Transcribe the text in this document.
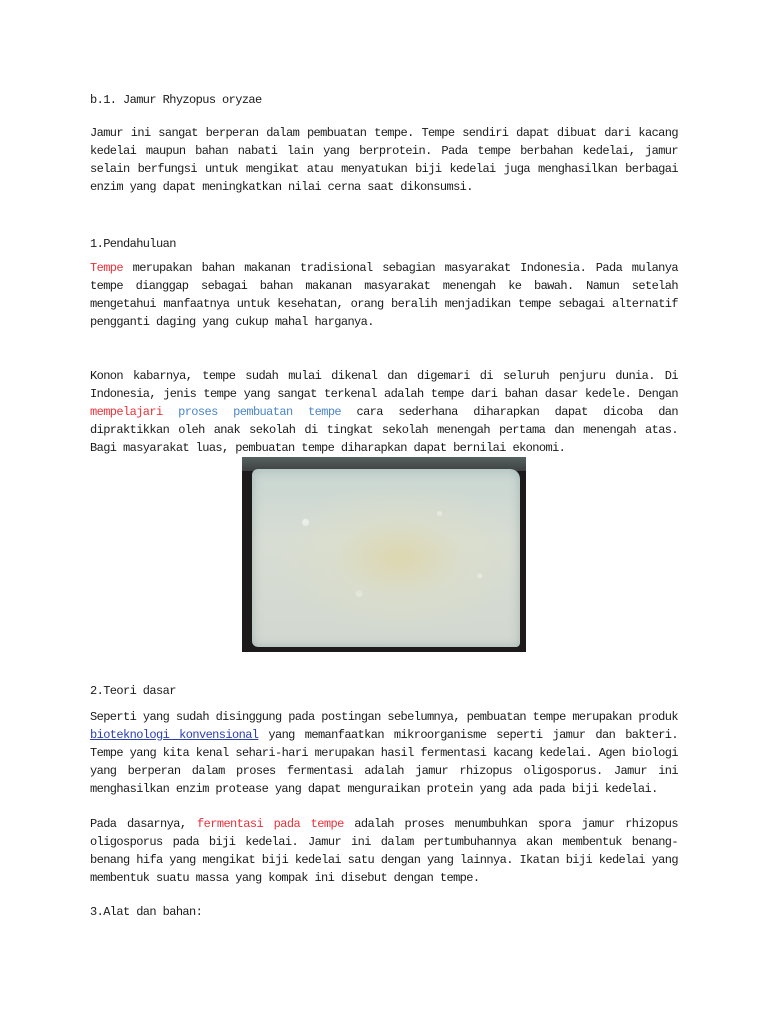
b.1. Jamur Rhyzopus oryzae
Jamur ini sangat berperan dalam pembuatan tempe. Tempe sendiri dapat dibuat dari kacang kedelai maupun bahan nabati lain yang berprotein. Pada tempe berbahan kedelai, jamur selain berfungsi untuk mengikat atau menyatukan biji kedelai juga menghasilkan berbagai enzim yang dapat meningkatkan nilai cerna saat dikonsumsi.
1.Pendahuluan
Tempe merupakan bahan makanan tradisional sebagian masyarakat Indonesia. Pada mulanya tempe dianggap sebagai bahan makanan masyarakat menengah ke bawah. Namun setelah mengetahui manfaatnya untuk kesehatan, orang beralih menjadikan tempe sebagai alternatif pengganti daging yang cukup mahal harganya.
Konon kabarnya, tempe sudah mulai dikenal dan digemari di seluruh penjuru dunia. Di Indonesia, jenis tempe yang sangat terkenal adalah tempe dari bahan dasar kedele. Dengan mempelajari proses pembuatan tempe cara sederhana diharapkan dapat dicoba dan dipraktikkan oleh anak sekolah di tingkat sekolah menengah pertama dan menengah atas. Bagi masyarakat luas, pembuatan tempe diharapkan dapat bernilai ekonomi.
2.Teori dasar
Seperti yang sudah disinggung pada postingan sebelumnya, pembuatan tempe merupakan produk bioteknologi konvensional yang memanfaatkan mikroorganisme seperti jamur dan bakteri. Tempe yang kita kenal sehari-hari merupakan hasil fermentasi kacang kedelai. Agen biologi yang berperan dalam proses fermentasi adalah jamur rhizopus oligosporus. Jamur ini menghasilkan enzim protease yang dapat menguraikan protein yang ada pada biji kedelai.
Pada dasarnya, fermentasi pada tempe adalah proses menumbuhkan spora jamur rhizopus oligosporus pada biji kedelai. Jamur ini dalam pertumbuhannya akan membentuk benang-benang hifa yang mengikat biji kedelai satu dengan yang lainnya. Ikatan biji kedelai yang membentuk suatu massa yang kompak ini disebut dengan tempe.
3.Alat dan bahan:
